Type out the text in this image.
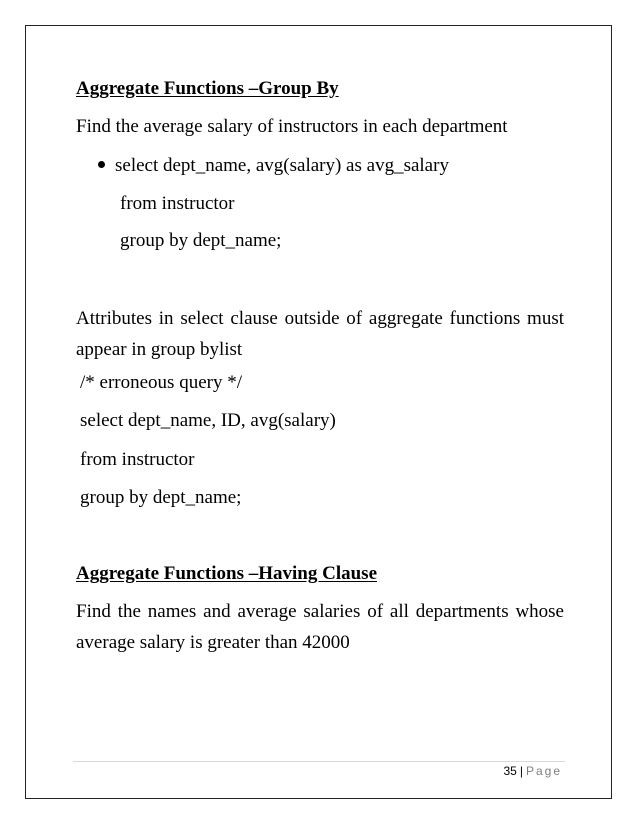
Aggregate Functions –Group By
Find the average salary of instructors in each department
select dept_name, avg(salary) as avg_salary
from instructor
group by dept_name;
Attributes in select clause outside of aggregate functions must appear in group bylist
/* erroneous query */
select dept_name, ID, avg(salary)
from instructor
group by dept_name;
Aggregate Functions –Having Clause
Find the names and average salaries of all departments whose average salary is greater than 42000
35 | Page
